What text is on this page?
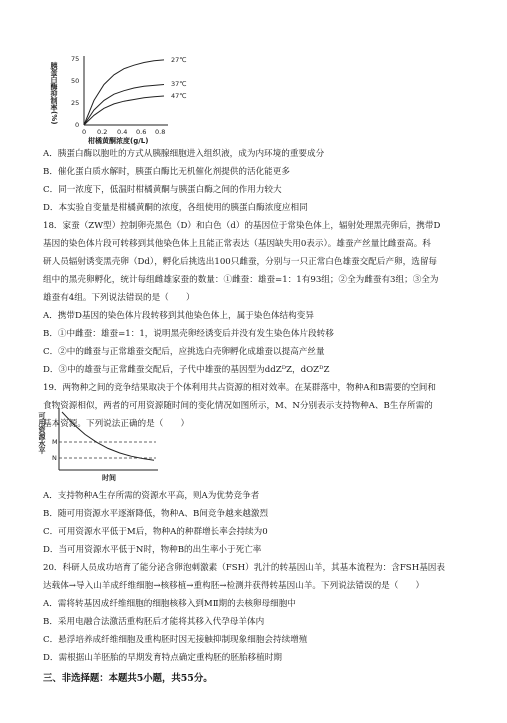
胰蛋白酶抑制率(%)
0
25
50
75
0 0.2 0.4 0.6 0.8
柑橘黄酮浓度(g/L)
27℃
37℃
47℃
可用资源水平 M
N
时间
A．胰蛋白酶以胞吐的方式从胰腺细胞进入组织液，成为内环境的重要成分
B．催化蛋白质水解时，胰蛋白酶比无机催化剂提供的活化能更多
C．同一浓度下，低温时柑橘黄酮与胰蛋白酶之间的作用力较大
D．本实验自变量是柑橘黄酮的浓度，各组使用的胰蛋白酶浓度应相同
18．家蚕（ZW型）控制卵壳黑色（D）和白色（d）的基因位于常染色体上，辐射处理黑壳卵后，携带D
基因的染色体片段可转移到其他染色体上且能正常表达（基因缺失用0表示）。雄蚕产丝量比雌蚕高。科
研人员辐射诱变黑壳卵（Dd），孵化后挑选出100只雌蚕，分别与一只正常白色雄蚕交配后产卵，选留每
组中的黑壳卵孵化，统计每组雌雄家蚕的数量：①雌蚕：雄蚕=1：1有93组；②全为雌蚕有3组；③全为
雄蚕有4组。下列说法错误的是（　　）
A．携带D基因的染色体片段转移到其他染色体上，属于染色体结构变异
B．①中雌蚕：雄蚕=1：1，说明黑壳卵经诱变后并没有发生染色体片段转移
C．②中的雌蚕与正常雄蚕交配后，应挑选白壳卵孵化成雄蚕以提高产丝量
D．③中的雄蚕与正常雌蚕交配后，子代中雄蚕的基因型为ddZᴰZ，dOZᴰZ
19．两物种之间的竞争结果取决于个体利用共占资源的相对效率。在某群落中，物种A和B需要的空间和
食物资源相似，两者的可用资源随时间的变化情况如图所示，M、N分别表示支持物种A、B生存所需的
基本资源。下列说法正确的是（　　）
A．支持物种A生存所需的资源水平高，则A为优势竞争者
B．随可用资源水平逐渐降低，物种A、B间竞争越来越激烈
C．可用资源水平低于M后，物种A的种群增长率会持续为0
D．当可用资源水平低于N时，物种B的出生率小于死亡率
20．科研人员成功培育了能分泌含卵泡刺激素（FSH）乳汁的转基因山羊，其基本流程为：含FSH基因表
达载体→导入山羊成纤维细胞→核移植→重构胚→检测并获得转基因山羊。下列说法错误的是（　　）
A．需将转基因成纤维细胞的细胞核移入到MⅡ期的去核卵母细胞中
B．采用电融合法激活重构胚后才能将其移入代孕母羊体内
C．悬浮培养成纤维细胞及重构胚时因无接触抑制现象细胞会持续增殖
D．需根据山羊胚胎的早期发育特点确定重构胚的胚胎移植时期
三、非选择题：本题共5小题，共55分。
